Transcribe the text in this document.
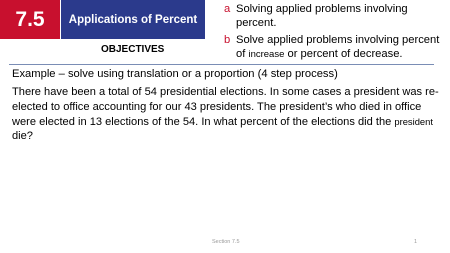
7.5 Applications of Percent
OBJECTIVES
a Solving applied problems involving percent.
b Solve applied problems involving percent of increase or percent of decrease.
Example – solve using translation or a proportion (4 step process)
There have been a total of 54 presidential elections. In some cases a president was re-elected to office accounting for our 43 presidents. The president’s who died in office were elected in 13 elections of the 54. In what percent of the elections did the president die?
Section 7.5	1
